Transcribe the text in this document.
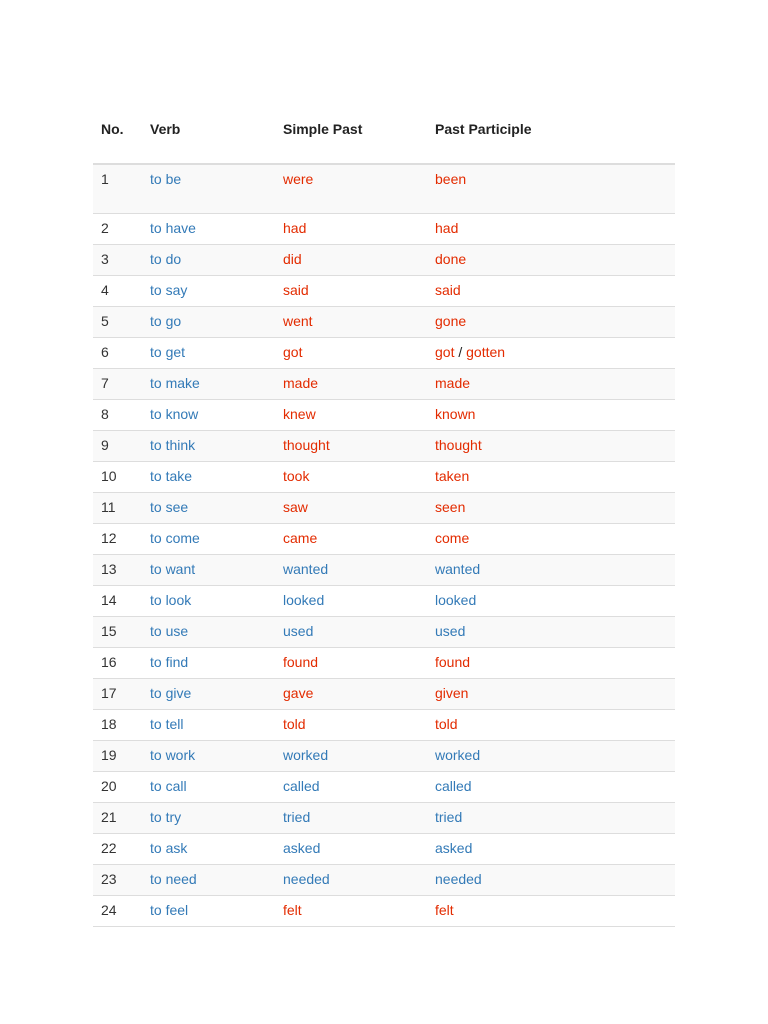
No.	Verb	Simple Past	Past Participle
1	to be	were	been
2	to have	had	had
3	to do	did	done
4	to say	said	said
5	to go	went	gone
6	to get	got	got / gotten
7	to make	made	made
8	to know	knew	known
9	to think	thought	thought
10	to take	took	taken
11	to see	saw	seen
12	to come	came	come
13	to want	wanted	wanted
14	to look	looked	looked
15	to use	used	used
16	to find	found	found
17	to give	gave	given
18	to tell	told	told
19	to work	worked	worked
20	to call	called	called
21	to try	tried	tried
22	to ask	asked	asked
23	to need	needed	needed
24	to feel	felt	felt
